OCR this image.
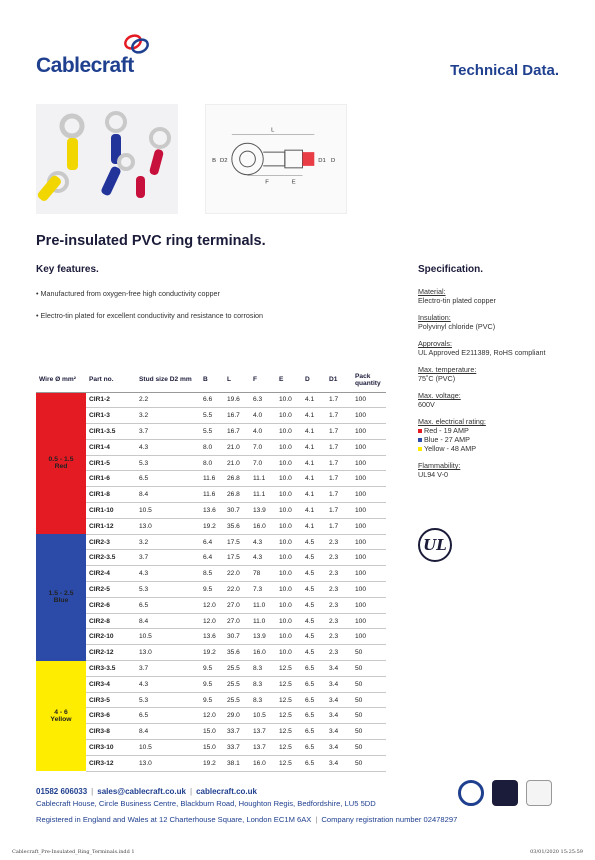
Cablecraft	Technical Data.
L
B D2
F	E
D1 D
Pre-insulated PVC ring terminals.
Key features.
• Manufactured from oxygen-free high conductivity copper
• Electro-tin plated for excellent conductivity and resistance to corrosion
Specification.
Material:
Electro-tin plated copper
Insulation:
Polyvinyl chloride (PVC)
Approvals:
UL Approved E211389, RoHS compliant
Max. temperature:
75˚C (PVC)
Max. voltage:
600V
Max. electrical rating:
Red - 19 AMP
Blue - 27 AMP
Yellow - 48 AMP
Flammability:
UL94 V-0
UL
Wire Ø mm²	Part no.	Stud size D2 mm	B	L	F	E	D	D1	Pack quantity

0.5 - 1.5
Red	CIR1-2	2.2	6.6	19.6	6.3	10.0	4.1	1.7	100
	CIR1-3	3.2	5.5	16.7	4.0	10.0	4.1	1.7	100
	CIR1-3.5	3.7	5.5	16.7	4.0	10.0	4.1	1.7	100
	CIR1-4	4.3	8.0	21.0	7.0	10.0	4.1	1.7	100
	CIR1-5	5.3	8.0	21.0	7.0	10.0	4.1	1.7	100
	CIR1-6	6.5	11.6	26.8	11.1	10.0	4.1	1.7	100
	CIR1-8	8.4	11.6	26.8	11.1	10.0	4.1	1.7	100
	CIR1-10	10.5	13.6	30.7	13.9	10.0	4.1	1.7	100
	CIR1-12	13.0	19.2	35.6	16.0	10.0	4.1	1.7	100

1.5 - 2.5
Blue	CIR2-3	3.2	6.4	17.5	4.3	10.0	4.5	2.3	100
	CIR2-3.5	3.7	6.4	17.5	4.3	10.0	4.5	2.3	100
	CIR2-4	4.3	8.5	22.0	78	10.0	4.5	2.3	100
	CIR2-5	5.3	9.5	22.0	7.3	10.0	4.5	2.3	100
	CIR2-6	6.5	12.0	27.0	11.0	10.0	4.5	2.3	100
	CIR2-8	8.4	12.0	27.0	11.0	10.0	4.5	2.3	100
	CIR2-10	10.5	13.6	30.7	13.9	10.0	4.5	2.3	100
	CIR2-12	13.0	19.2	35.6	16.0	10.0	4.5	2.3	50

4 - 6
Yellow	CIR3-3.5	3.7	9.5	25.5	8.3	12.5	6.5	3.4	50
	CIR3-4	4.3	9.5	25.5	8.3	12.5	6.5	3.4	50
	CIR3-5	5.3	9.5	25.5	8.3	12.5	6.5	3.4	50
	CIR3-6	6.5	12.0	29.0	10.5	12.5	6.5	3.4	50
	CIR3-8	8.4	15.0	33.7	13.7	12.5	6.5	3.4	50
	CIR3-10	10.5	15.0	33.7	13.7	12.5	6.5	3.4	50
	CIR3-12	13.0	19.2	38.1	16.0	12.5	6.5	3.4	50
01582 606033 | sales@cablecraft.co.uk | cablecraft.co.uk
Cablecraft House, Circle Business Centre, Blackburn Road, Houghton Regis, Bedfordshire, LU5 5DD
Registered in England and Wales at 12 Charterhouse Square, London EC1M 6AX | Company registration number 02478297
Cablecraft_Pre-Insulated_Ring_Terminals.indd 1	03/01/2020 15:25:59
